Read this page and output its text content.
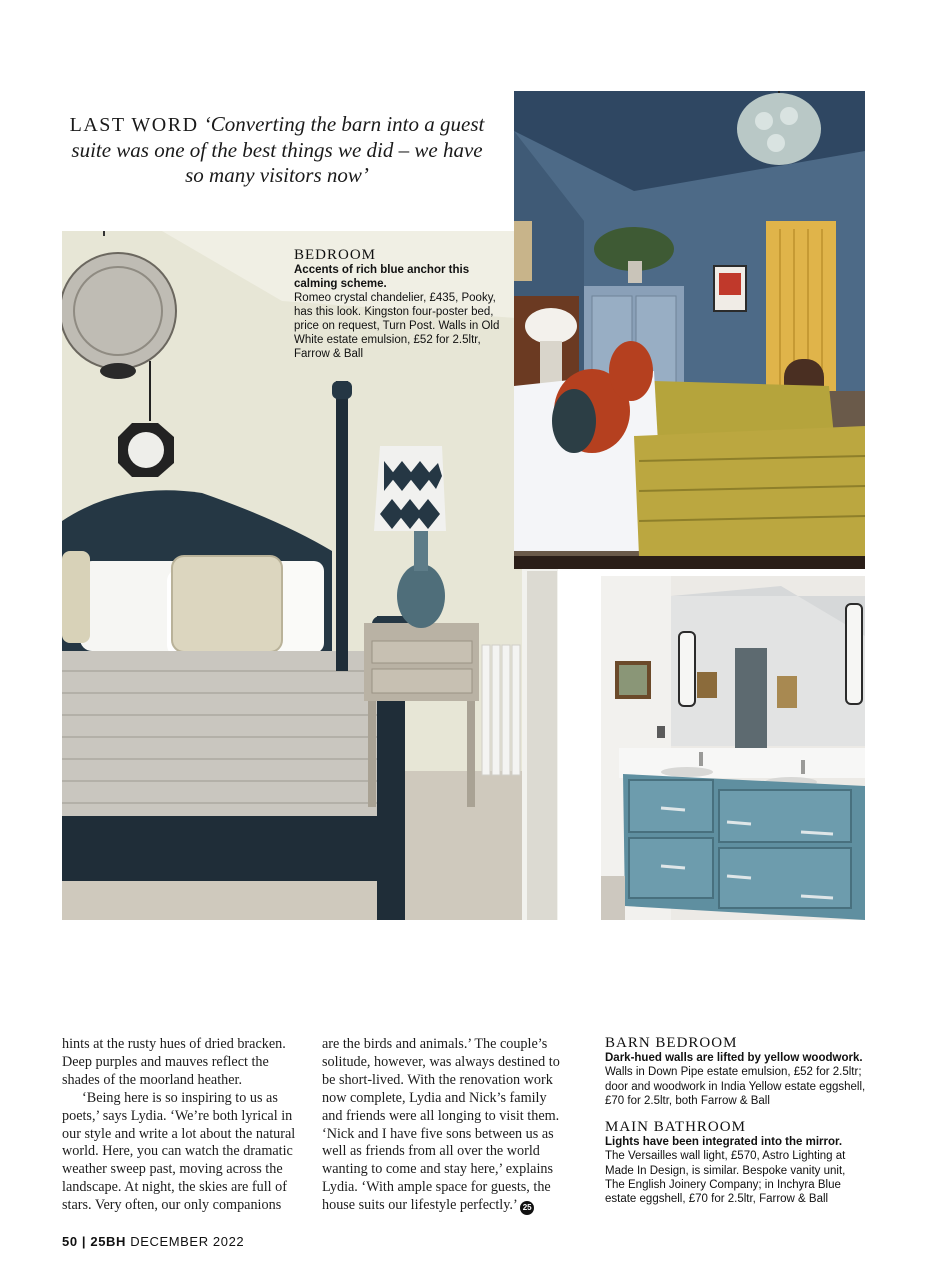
LAST WORD ‘Converting the barn into a guest suite was one of the best things we did – we have so many visitors now’
BEDROOM
Accents of rich blue anchor this calming scheme.
Romeo crystal chandelier, £435, Pooky, has this look. Kingston four-poster bed, price on request, Turn Post. Walls in Old White estate emulsion, £52 for 2.5ltr, Farrow & Ball

hints at the rusty hues of dried bracken. Deep purples and mauves reflect the shades of the moorland heather.

‘Being here is so inspiring to us as poets,’ says Lydia. ‘We’re both lyrical in our style and write a lot about the natural world. Here, you can watch the dramatic weather sweep past, moving across the landscape. At night, the skies are full of stars. Very often, our only companions

are the birds and animals.’ The couple’s solitude, however, was always destined to be short-lived. With the renovation work now complete, Lydia and Nick’s family and friends were all longing to visit them. ‘Nick and I have five sons between us as well as friends from all over the world wanting to come and stay here,’ explains Lydia. ‘With ample space for guests, the house suits our lifestyle perfectly.’ 25

BARN BEDROOM
Dark-hued walls are lifted by yellow woodwork.
Walls in Down Pipe estate emulsion, £52 for 2.5ltr; door and woodwork in India Yellow estate eggshell, £70 for 2.5ltr, both Farrow & Ball
MAIN BATHROOM
Lights have been integrated into the mirror.
The Versailles wall light, £570, Astro Lighting at Made In Design, is similar. Bespoke vanity unit, The English Joinery Company; in Inchyra Blue estate eggshell, £70 for 2.5ltr, Farrow & Ball
50 | 25BH DECEMBER 2022
